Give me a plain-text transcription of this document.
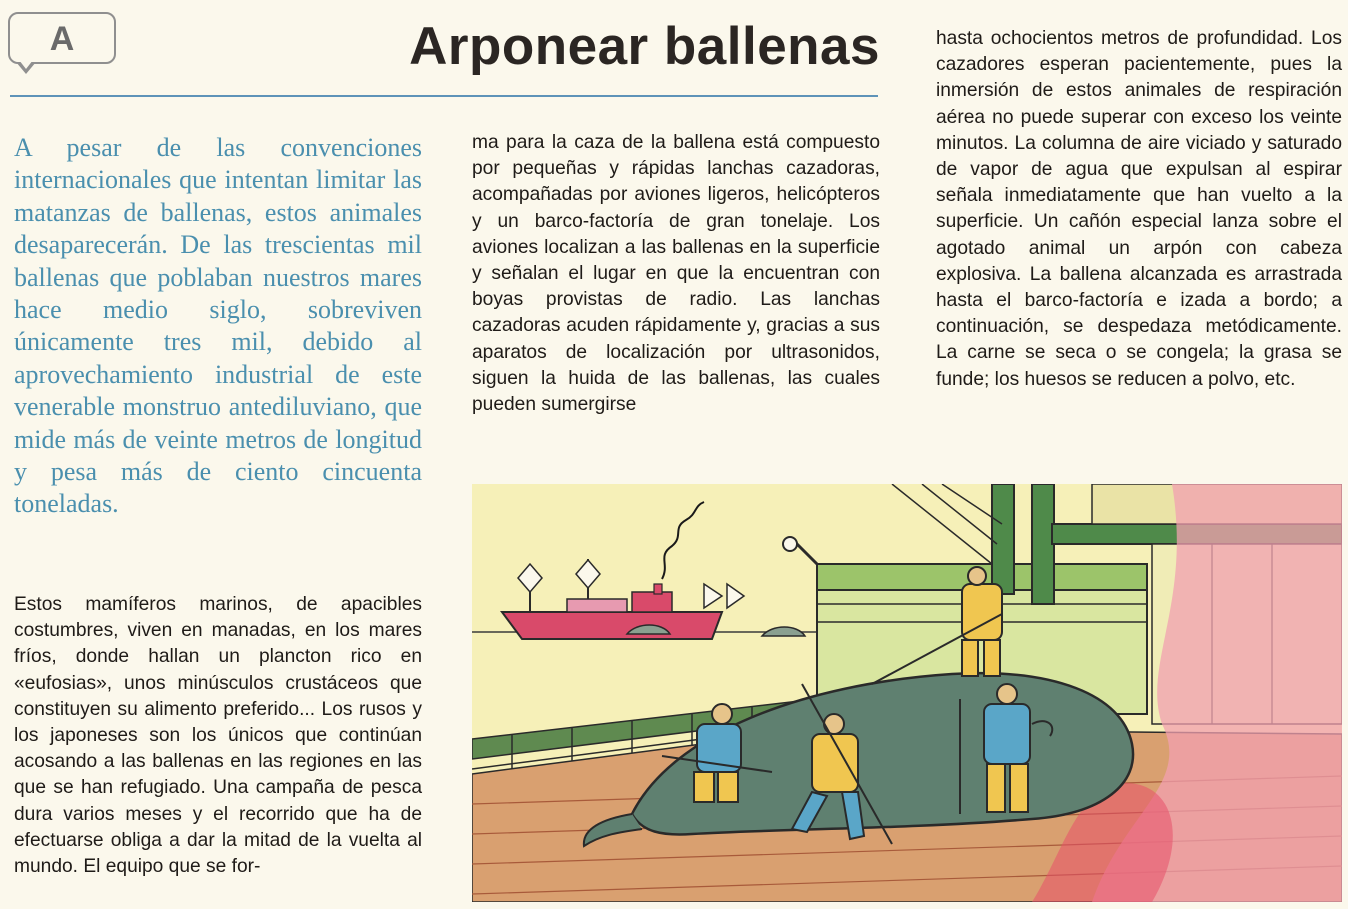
A	Arponear ballenas

A pesar de las convenciones internacionales que intentan limitar las matanzas de ballenas, estos animales desaparecerán. De las trescientas mil ballenas que poblaban nuestros mares hace medio siglo, sobreviven únicamente tres mil, debido al aprovechamiento industrial de este venerable monstruo antediluviano, que mide más de veinte metros de longitud y pesa más de ciento cincuenta toneladas.

Estos mamíferos marinos, de apacibles costumbres, viven en manadas, en los mares fríos, donde hallan un plancton rico en «eufosias», unos minúsculos crustáceos que constituyen su alimento preferido... Los rusos y los japoneses son los únicos que continúan acosando a las ballenas en las regiones en las que se han refugiado. Una campaña de pesca dura varios meses y el recorrido que ha de efectuarse obliga a dar la mitad de la vuelta al mundo. El equipo que se for-

ma para la caza de la ballena está compuesto por pequeñas y rápidas lanchas cazadoras, acompañadas por aviones ligeros, helicópteros y un barco-factoría de gran tonelaje. Los aviones localizan a las ballenas en la superficie y señalan el lugar en que la encuentran con boyas provistas de radio. Las lanchas cazadoras acuden rápidamente y, gracias a sus aparatos de localización por ultrasonidos, siguen la huida de las ballenas, las cuales pueden sumergirse

hasta ochocientos metros de profundidad. Los cazadores esperan pacientemente, pues la inmersión de estos animales de respiración aérea no puede superar con exceso los veinte minutos. La columna de aire viciado y saturado de vapor de agua que expulsan al espirar señala inmediatamente que han vuelto a la superficie. Un cañón especial lanza sobre el agotado animal un arpón con cabeza explosiva. La ballena alcanzada es arrastrada hasta el barco-factoría e izada a bordo; a continuación, se despedaza metódicamente. La carne se seca o se congela; la grasa se funde; los huesos se reducen a polvo, etc.
